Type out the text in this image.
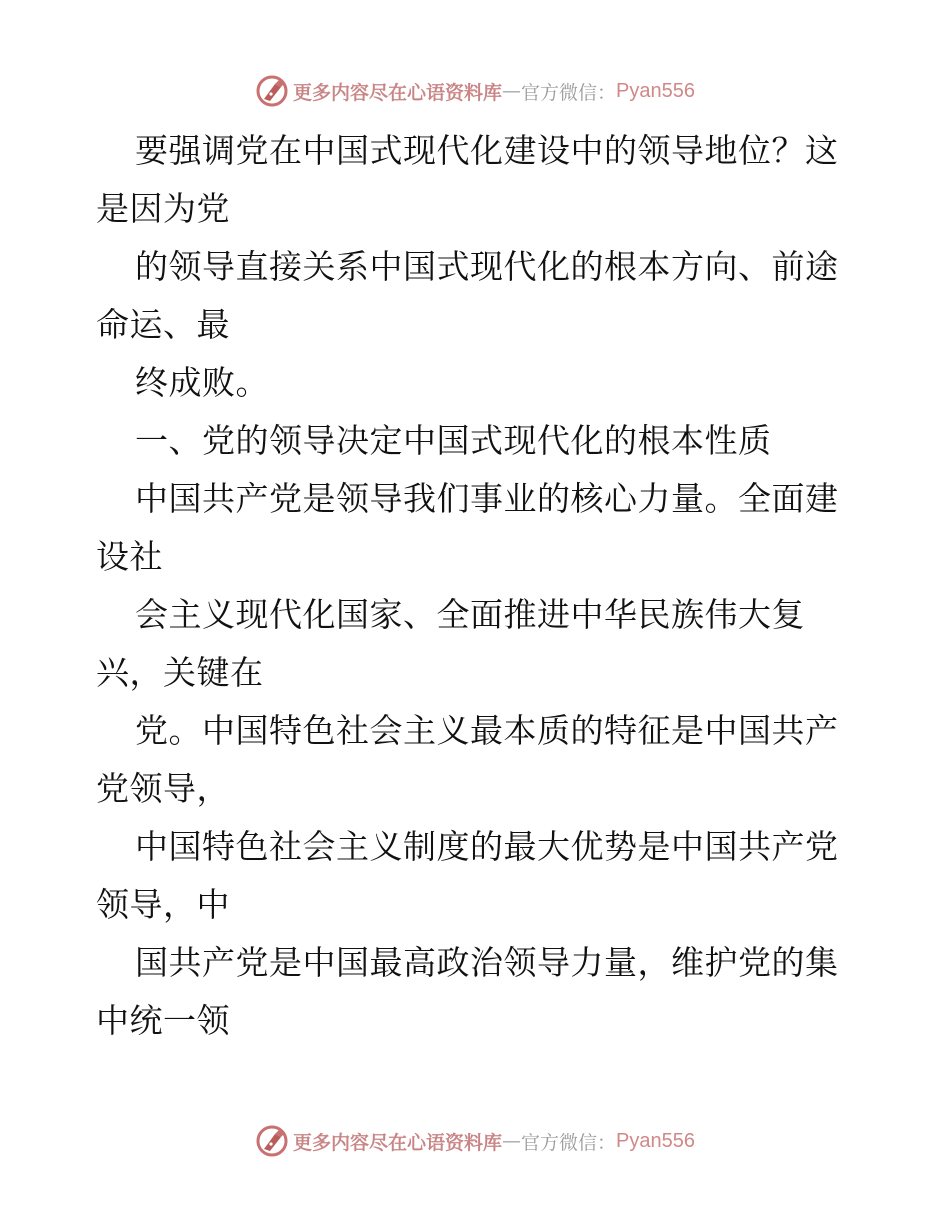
更多内容尽在心语资料库 — 官方微信： Pyan556
要强调党在中国式现代化建设中的领导地位？这
是因为党
的领导直接关系中国式现代化的根本方向、前途
命运、最
终成败。
一、党的领导决定中国式现代化的根本性质
中国共产党是领导我们事业的核心力量。全面建
设社
会主义现代化国家、全面推进中华民族伟大复
兴，关键在
党。中国特色社会主义最本质的特征是中国共产
党领导，
中国特色社会主义制度的最大优势是中国共产党
领导，中
国共产党是中国最高政治领导力量，维护党的集
中统一领
更多内容尽在心语资料库 — 官方微信： Pyan556
